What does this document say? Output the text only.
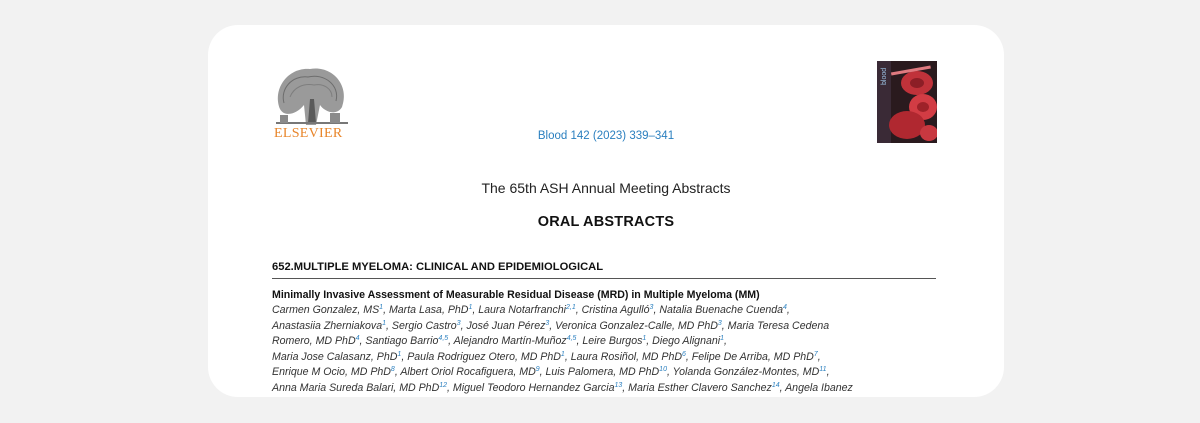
ELSEVIER	Blood 142 (2023) 339–341
blood
The 65th ASH Annual Meeting Abstracts
ORAL ABSTRACTS
652.MULTIPLE MYELOMA: CLINICAL AND EPIDEMIOLOGICAL
Minimally Invasive Assessment of Measurable Residual Disease (MRD) in Multiple Myeloma (MM)
Carmen Gonzalez, $MS^1$, Marta Lasa, PhD$^1$, Laura Notarfranchi$^{2,1}$, Cristina Agulló$^3$, Natalia Buenache Cuenda$^4$,
Anastasiia Zherniakova$^1$, Sergio Castro$^3$, José Juan Pérez$^3$, Veronica Gonzalez-Calle, MD PhD$^3$, Maria Teresa Cedena
Romero, MD PhD$^4$, Santiago Barrio$^{4,5}$, Alejandro Martín-Muñoz$^{4,5}$, Leire Burgos$^1$, Diego Alignani$^1$,
Maria Jose Calasanz, PhD$^1$, Paula Rodriguez Otero, MD PhD$^1$, Laura Rosiñol, MD PhD$^6$, Felipe De Arriba, MD PhD$^7$,
Enrique M Ocio, MD PhD$^8$, Albert Oriol Rocafiguera, $MD^9$, Luis Palomera, MD PhD$^{10}$, Yolanda González-Montes, MD$^{11}$,
Anna Maria Sureda Balari, MD PhD$^{12}$, Miguel Teodoro Hernandez Garcia$^{13}$, Maria Esther Clavero Sanchez$^{14}$, Angela Ibanez
